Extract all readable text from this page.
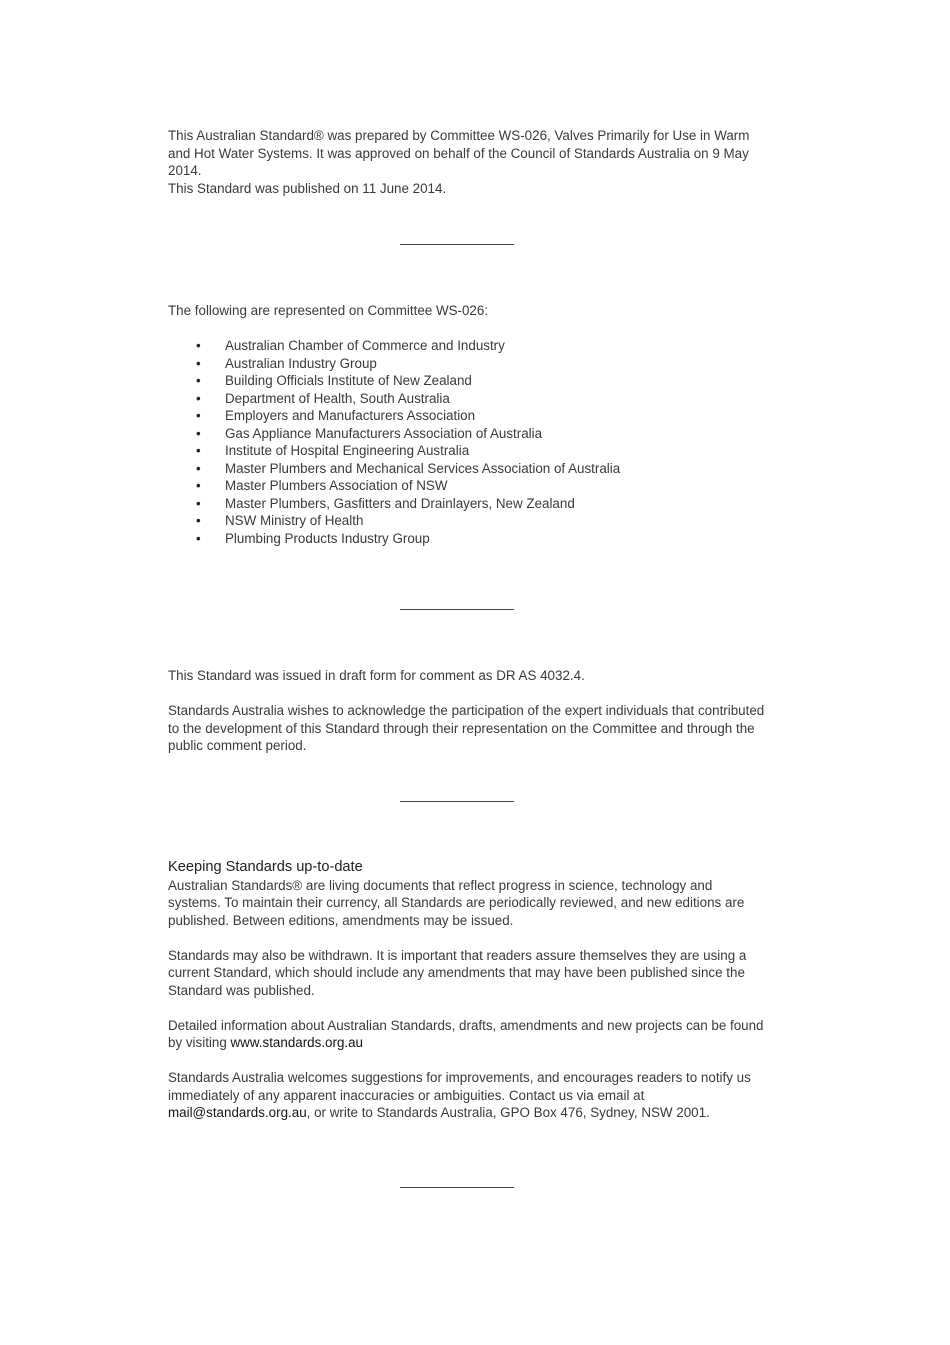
This Australian Standard® was prepared by Committee WS-026, Valves Primarily for Use in Warm and Hot Water Systems. It was approved on behalf of the Council of Standards Australia on 9 May 2014.

This Standard was published on 11 June 2014.

The following are represented on Committee WS-026:

• Australian Chamber of Commerce and Industry
• Australian Industry Group
• Building Officials Institute of New Zealand
• Department of Health, South Australia
• Employers and Manufacturers Association
• Gas Appliance Manufacturers Association of Australia
• Institute of Hospital Engineering Australia
• Master Plumbers and Mechanical Services Association of Australia
• Master Plumbers Association of NSW
• Master Plumbers, Gasfitters and Drainlayers, New Zealand
• NSW Ministry of Health
• Plumbing Products Industry Group

This Standard was issued in draft form for comment as DR AS 4032.4.

Standards Australia wishes to acknowledge the participation of the expert individuals that contributed to the development of this Standard through their representation on the Committee and through the public comment period.

Keeping Standards up-to-date

Australian Standards® are living documents that reflect progress in science, technology and systems. To maintain their currency, all Standards are periodically reviewed, and new editions are published. Between editions, amendments may be issued.

Standards may also be withdrawn. It is important that readers assure themselves they are using a current Standard, which should include any amendments that may have been published since the Standard was published.

Detailed information about Australian Standards, drafts, amendments and new projects can be found by visiting www.standards.org.au

Standards Australia welcomes suggestions for improvements, and encourages readers to notify us immediately of any apparent inaccuracies or ambiguities. Contact us via email at mail@standards.org.au, or write to Standards Australia, GPO Box 476, Sydney, NSW 2001.
